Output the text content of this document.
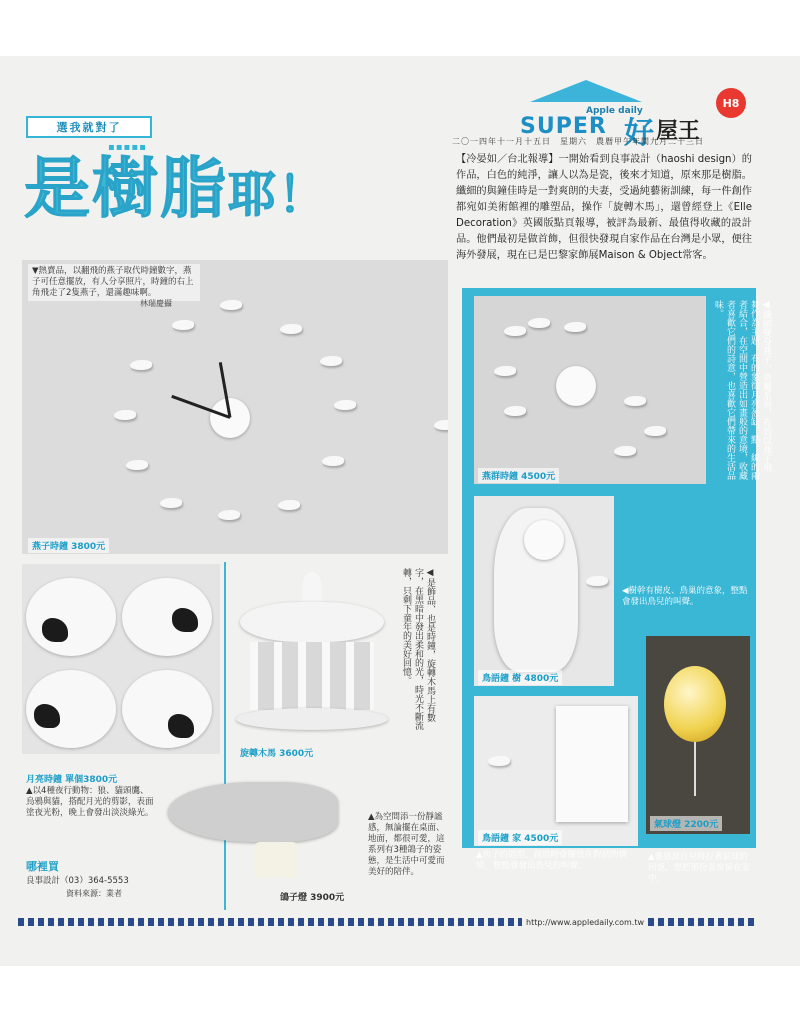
Apple daily
SUPER 好 屋王
H8
二〇一四年十一月十五日　星期六　農曆甲午年閏九月二十三日
選我就對了
▪▪▪▪▪
是樹脂耶！
【冷晏如／台北報導】一開始看到良事設計（haoshi design）的作品，白色的純淨，讓人以為是瓷，後來才知道，原來那是樹脂。纖細的與鐘佳時是一對爽朗的夫妻，受過純藝術訓練，每一件創作都宛如美術館裡的雕塑品，操作「旋轉木馬」，還曾經登上《Elle Decoration》英國版點頁報導，被評為最新、最值得收藏的設計品。他們最初是做首飾，但很快發現自家作品在台灣是小眾，便往海外發展，現在已是巴黎家飾展Maison & Object常客。
▼熱賣品，以翻飛的燕子取代時鐘數字，燕子可任意擺放，有人分享照片，時鐘的右上角飛走了2隻燕子，還滿趣味啊。
林瑞慶攝
燕子時鐘 3800元
燕群時鐘 4500元
◀纖細變身燕子，瓷觸系列，有的以燕子飛舞作為主題，有的象徵月亮盈缺，點、線的兩者結合，在空間中營造出如畫般的意境，收藏者喜歡它們的詩意，也喜歡它們帶來的生活品味。
鳥語鐘 樹 4800元
◀樹幹有樹皮、鳥巢的意象，整點會發出鳥兒的叫聲。
鳥語鐘 家 4500元
▲房子的造型，創造時會擺放在對話的情境，整點會發出鳥兒的叫聲。
氣球燈 2200元
▲靈感源自兒時拉著氣球的回憶，想把那份喜悅留在家中。
月亮時鐘 單個3800元
▲以4種夜行動物：狼、貓頭鷹、烏鴉與貓，搭配月光的剪影，表面塗夜光粉，晚上會發出淡淡綠光。
旋轉木馬 3600元
◀是飾品、也是時鐘，旋轉木馬上有數字，在黑暗中發出柔和的光，時光不斷流轉，只剩下童年的美好回憶。
▲為空間添一份靜謐感，無論擺在桌面、地面，都很可愛，這系列有3種鴿子的姿態，是生活中可愛而美好的陪伴。
鴿子燈 3900元
哪裡買
良事設計（03）364-5553
資料來源：業者
http://www.appledaily.com.tw
